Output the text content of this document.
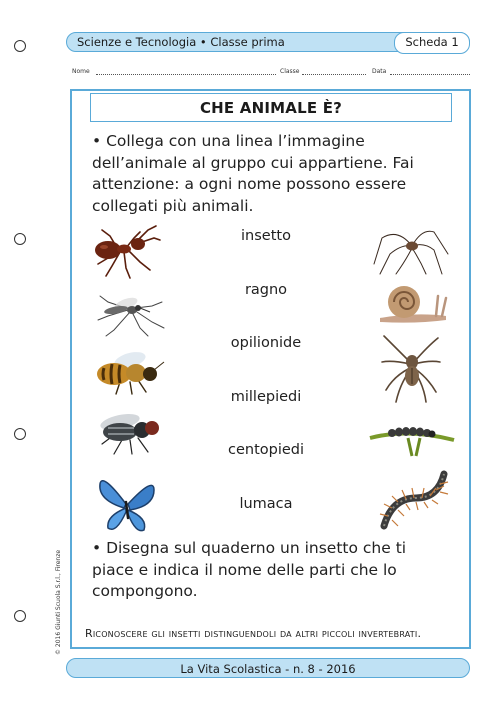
Scienze e Tecnologia • Classe prima	Scheda 1
Nome	Classe	Data
CHE ANIMALE È?
• Collega con una linea l’immagine dell’animale al gruppo cui appartiene. Fai attenzione: a ogni nome possono essere collegati più animali.
insetto
ragno
opilionide
millepiedi
centopiedi
lumaca
• Disegna sul quaderno un insetto che ti piace e indica il nome delle parti che lo compongono.
Riconoscere gli insetti distinguendoli da altri piccoli invertebrati.
© 2016 Giunti Scuola S.r.l., Firenze
La Vita Scolastica - n. 8 - 2016
